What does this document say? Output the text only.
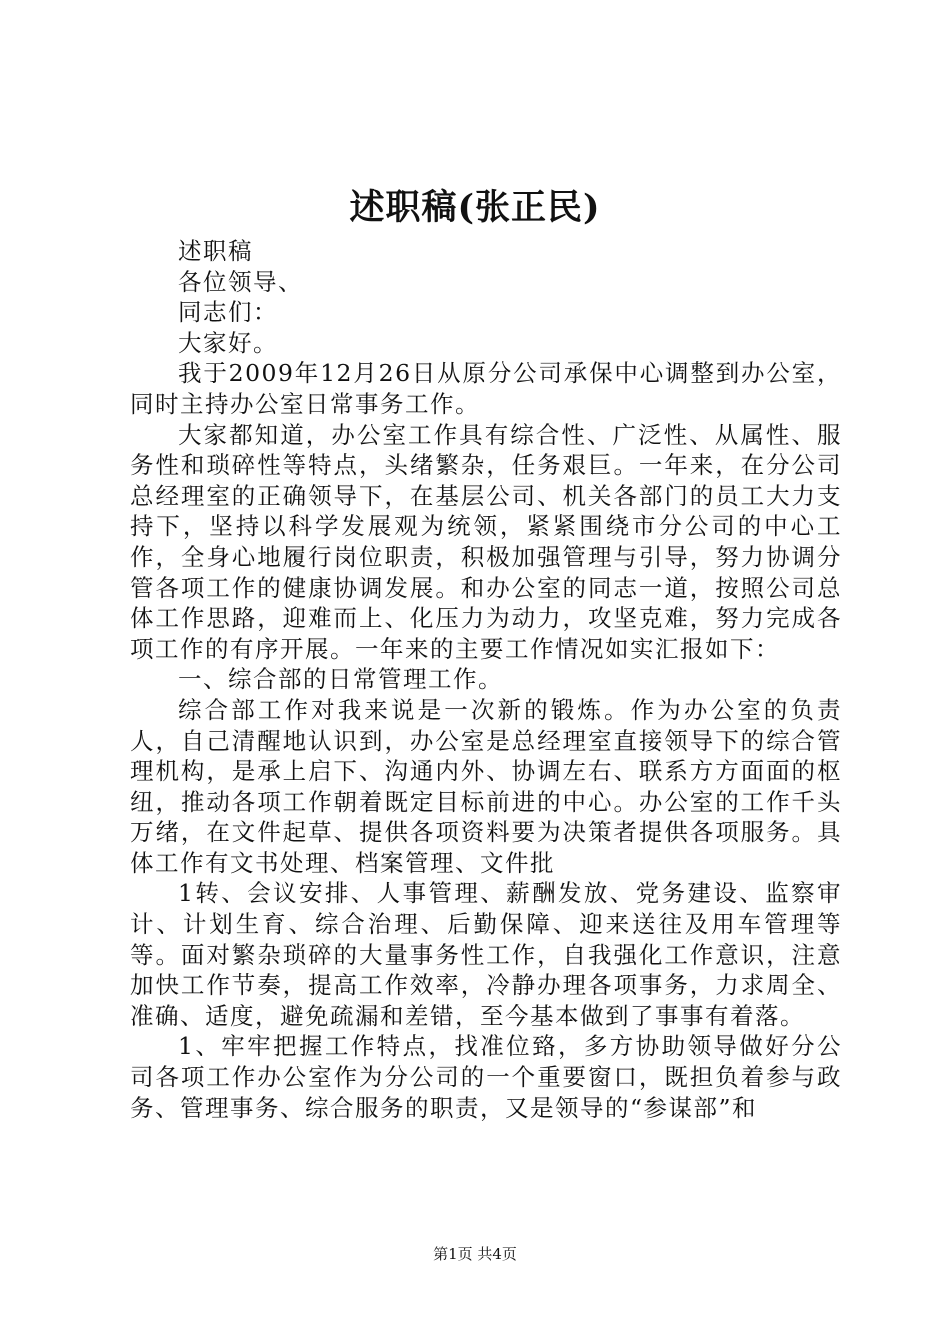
述职稿(张正民)

述职稿

各位领导、

同志们：

大家好。

我于2009年12月26日从原分公司承保中心调整到办公室，同时主持办公室日常事务工作。

大家都知道，办公室工作具有综合性、广泛性、从属性、服务性和琐碎性等特点，头绪繁杂，任务艰巨。一年来，在分公司总经理室的正确领导下，在基层公司、机关各部门的员工大力支持下，坚持以科学发展观为统领，紧紧围绕市分公司的中心工作，全身心地履行岗位职责，积极加强管理与引导，努力协调分管各项工作的健康协调发展。和办公室的同志一道，按照公司总体工作思路，迎难而上、化压力为动力，攻坚克难，努力完成各项工作的有序开展。一年来的主要工作情况如实汇报如下：

一、综合部的日常管理工作。

综合部工作对我来说是一次新的锻炼。作为办公室的负责人，自己清醒地认识到，办公室是总经理室直接领导下的综合管理机构，是承上启下、沟通内外、协调左右、联系方方面面的枢纽，推动各项工作朝着既定目标前进的中心。办公室的工作千头万绪，在文件起草、提供各项资料要为决策者提供各项服务。具体工作有文书处理、档案管理、文件批

1转、会议安排、人事管理、薪酬发放、党务建设、监察审计、计划生育、综合治理、后勤保障、迎来送往及用车管理等等。面对繁杂琐碎的大量事务性工作，自我强化工作意识，注意加快工作节奏，提高工作效率，冷静办理各项事务，力求周全、准确、适度，避免疏漏和差错，至今基本做到了事事有着落。

1、牢牢把握工作特点，找准位臵，多方协助领导做好分公司各项工作办公室作为分公司的一个重要窗口，既担负着参与政务、管理事务、综合服务的职责，又是领导的“参谋部”和

第1页 共4页
